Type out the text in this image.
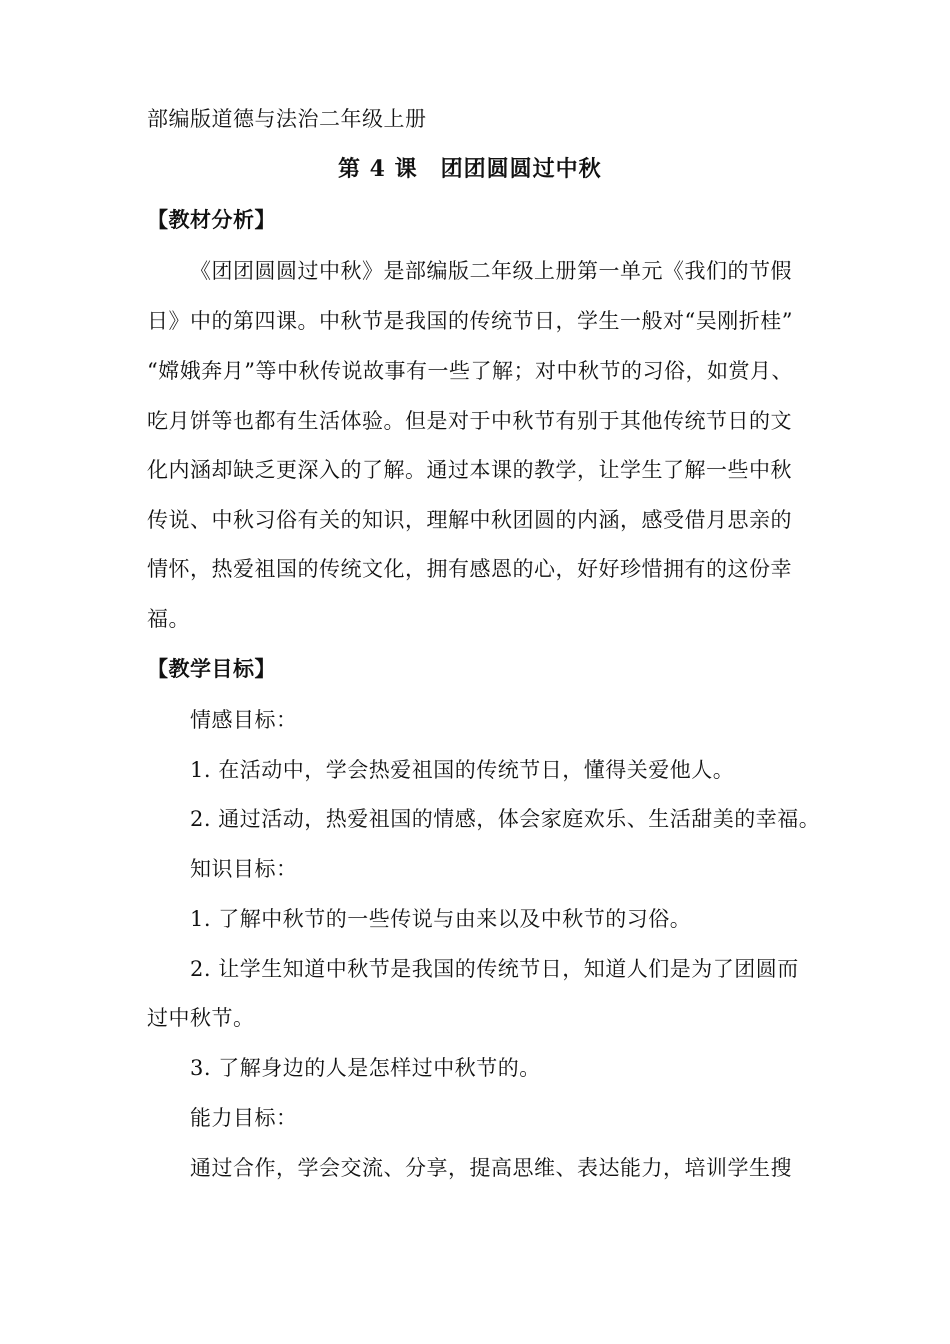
部编版道德与法治二年级上册
第 4 课　团团圆圆过中秋
【教材分析】
《团团圆圆过中秋》是部编版二年级上册第一单元《我们的节假
日》中的第四课。中秋节是我国的传统节日，学生一般对“吴刚折桂”
“嫦娥奔月”等中秋传说故事有一些了解；对中秋节的习俗，如赏月、
吃月饼等也都有生活体验。但是对于中秋节有别于其他传统节日的文
化内涵却缺乏更深入的了解。通过本课的教学，让学生了解一些中秋
传说、中秋习俗有关的知识，理解中秋团圆的内涵，感受借月思亲的
情怀，热爱祖国的传统文化，拥有感恩的心，好好珍惜拥有的这份幸
福。
【教学目标】
情感目标：
1. 在活动中，学会热爱祖国的传统节日，懂得关爱他人。
2. 通过活动，热爱祖国的情感，体会家庭欢乐、生活甜美的幸福。
知识目标：
1. 了解中秋节的一些传说与由来以及中秋节的习俗。
2. 让学生知道中秋节是我国的传统节日，知道人们是为了团圆而
过中秋节。
3. 了解身边的人是怎样过中秋节的。
能力目标：
通过合作，学会交流、分享，提高思维、表达能力，培训学生搜
